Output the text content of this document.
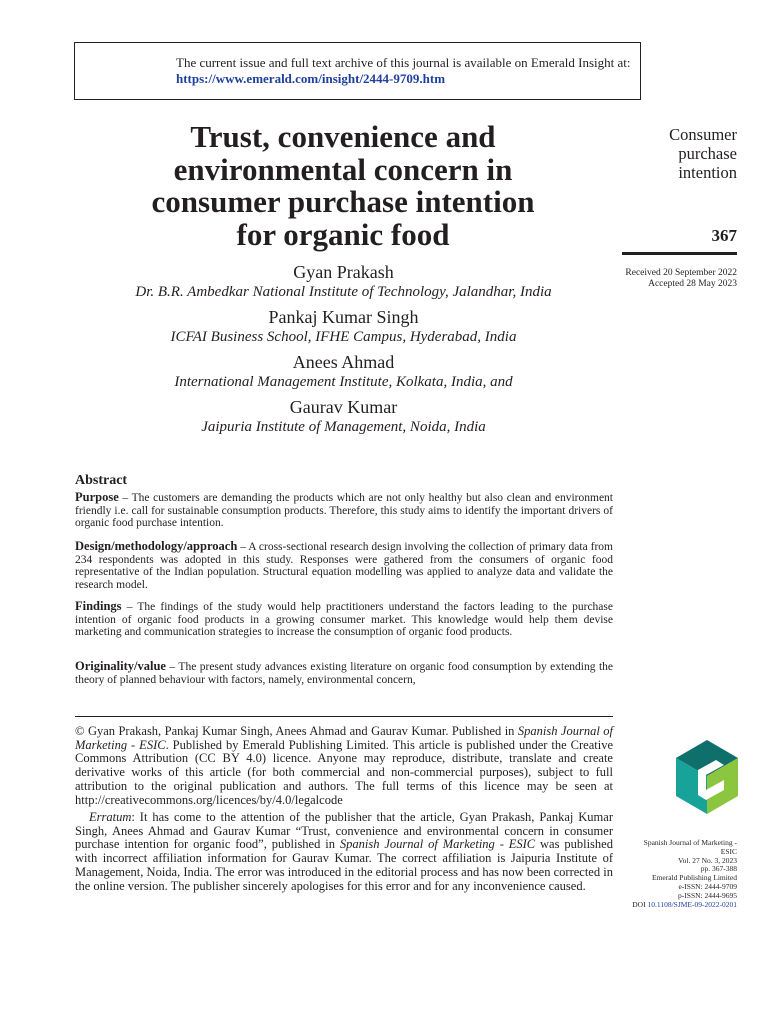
The current issue and full text archive of this journal is available on Emerald Insight at:
https://www.emerald.com/insight/2444-9709.htm
Trust, convenience and
environmental concern in
consumer purchase intention
for organic food
Gyan Prakash
Dr. B.R. Ambedkar National Institute of Technology, Jalandhar, India
Pankaj Kumar Singh
ICFAI Business School, IFHE Campus, Hyderabad, India
Anees Ahmad
International Management Institute, Kolkata, India, and
Gaurav Kumar
Jaipuria Institute of Management, Noida, India
Consumer
purchase
intention
367
Received 20 September 2022
Accepted 28 May 2023
Abstract
Purpose – The customers are demanding the products which are not only healthy but also clean and environment friendly i.e. call for sustainable consumption products. Therefore, this study aims to identify the important drivers of organic food purchase intention.
Design/methodology/approach – A cross-sectional research design involving the collection of primary data from 234 respondents was adopted in this study. Responses were gathered from the consumers of organic food representative of the Indian population. Structural equation modelling was applied to analyze data and validate the research model.
Findings – The findings of the study would help practitioners understand the factors leading to the purchase intention of organic food products in a growing consumer market. This knowledge would help them devise marketing and communication strategies to increase the consumption of organic food products.
Originality/value – The present study advances existing literature on organic food consumption by extending the theory of planned behaviour with factors, namely, environmental concern,
© Gyan Prakash, Pankaj Kumar Singh, Anees Ahmad and Gaurav Kumar. Published in Spanish Journal of Marketing - ESIC. Published by Emerald Publishing Limited. This article is published under the Creative Commons Attribution (CC BY 4.0) licence. Anyone may reproduce, distribute, translate and create derivative works of this article (for both commercial and non-commercial purposes), subject to full attribution to the original publication and authors. The full terms of this licence may be seen at http://creativecommons.org/licences/by/4.0/legalcode
Erratum: It has come to the attention of the publisher that the article, Gyan Prakash, Pankaj Kumar Singh, Anees Ahmad and Gaurav Kumar “Trust, convenience and environmental concern in consumer purchase intention for organic food”, published in Spanish Journal of Marketing - ESIC was published with incorrect affiliation information for Gaurav Kumar. The correct affiliation is Jaipuria Institute of Management, Noida, India. The error was introduced in the editorial process and has now been corrected in the online version. The publisher sincerely apologises for this error and for any inconvenience caused.
Spanish Journal of Marketing -
ESIC
Vol. 27 No. 3, 2023
pp. 367-388
Emerald Publishing Limited
e-ISSN: 2444-9709
p-ISSN: 2444-9695
DOI 10.1108/SJME-09-2022-0201
